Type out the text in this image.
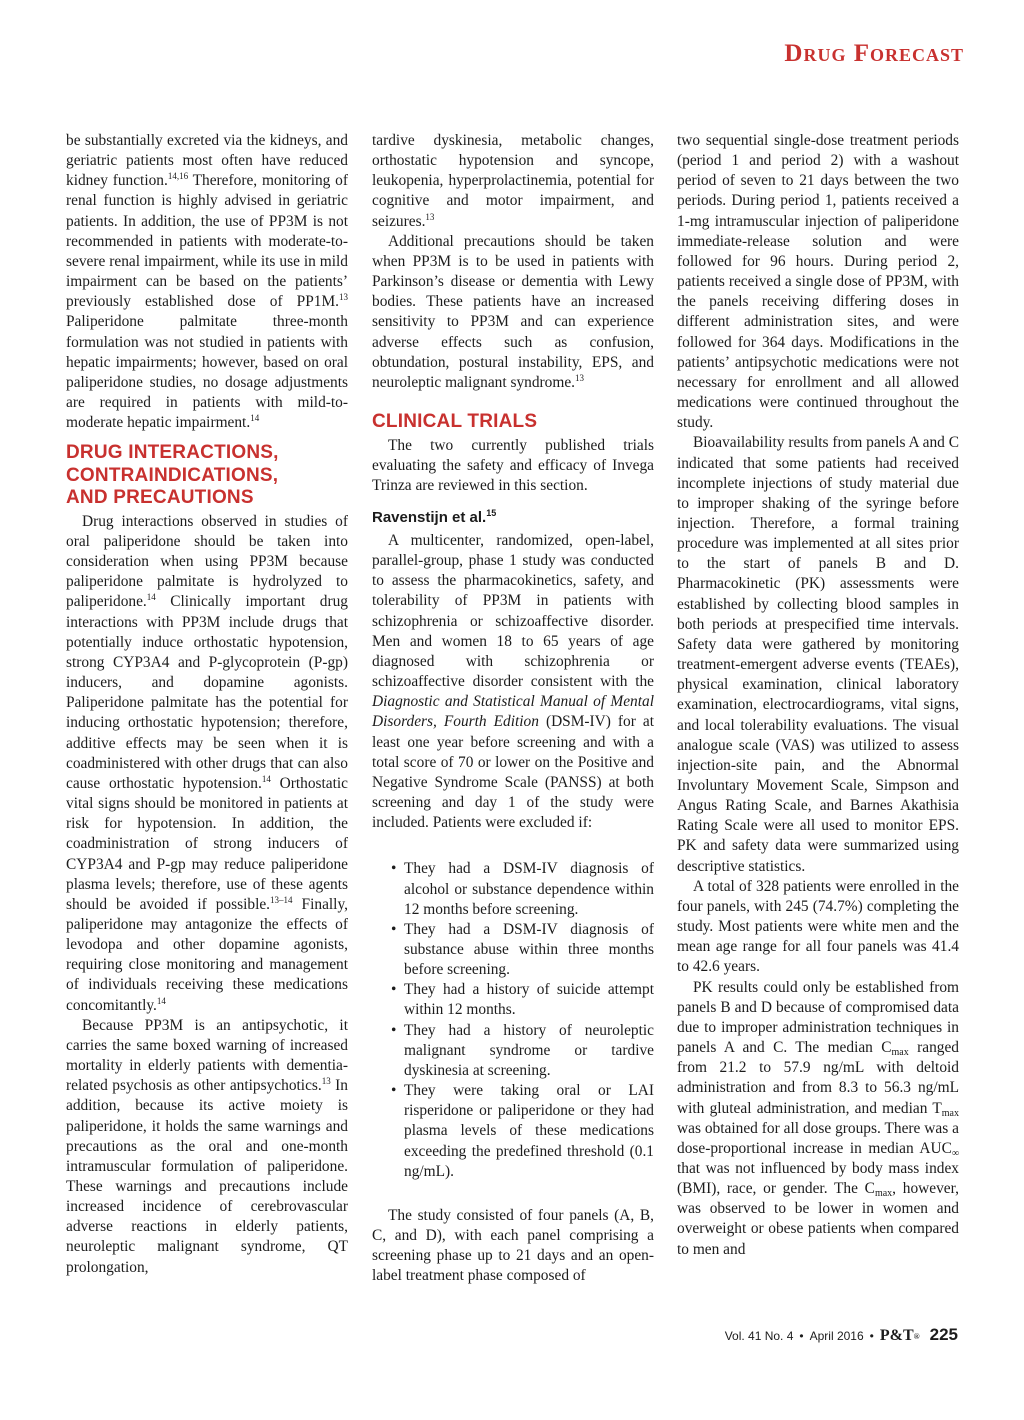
Drug Forecast

be substantially excreted via the kidneys, and geriatric patients most often have reduced kidney function.$^{14,16}$ Therefore, monitoring of renal function is highly advised in geriatric patients. In addition, the use of PP3M is not recommended in patients with moderate-to-severe renal impairment, while its use in mild impairment can be based on the patients’ previously established dose of PP1M.$^{13}$ Paliperidone palmitate three-month formulation was not studied in patients with hepatic impairments; however, based on oral paliperidone studies, no dosage adjustments are required in patients with mild-to-moderate hepatic impairment.$^{14}$

DRUG INTERACTIONS,
CONTRAINDICATIONS,
AND PRECAUTIONS

Drug interactions observed in studies of oral paliperidone should be taken into consideration when using PP3M because paliperidone palmitate is hydrolyzed to paliperidone.$^{14}$ Clinically important drug interactions with PP3M include drugs that potentially induce orthostatic hypotension, strong CYP3A4 and P-glycoprotein (P-gp) inducers, and dopamine agonists. Paliperidone palmitate has the potential for inducing orthostatic hypotension; therefore, additive effects may be seen when it is coadministered with other drugs that can also cause orthostatic hypotension.$^{14}$ Orthostatic vital signs should be monitored in patients at risk for hypotension. In addition, the coadministration of strong inducers of CYP3A4 and P-gp may reduce paliperidone plasma levels; therefore, use of these agents should be avoided if possible.$^{13-14}$ Finally, paliperidone may antagonize the effects of levodopa and other dopamine agonists, requiring close monitoring and management of individuals receiving these medications concomitantly.$^{14}$

Because PP3M is an antipsychotic, it carries the same boxed warning of increased mortality in elderly patients with dementia-related psychosis as other antipsychotics.$^{13}$ In addition, because its active moiety is paliperidone, it holds the same warnings and precautions as the oral and one-month intramuscular formulation of paliperidone. These warnings and precautions include increased incidence of cerebrovascular adverse reactions in elderly patients, neuroleptic malignant syndrome, QT prolongation,

tardive dyskinesia, metabolic changes, orthostatic hypotension and syncope, leukopenia, hyperprolactinemia, potential for cognitive and motor impairment, and seizures.$^{13}$

Additional precautions should be taken when PP3M is to be used in patients with Parkinson’s disease or dementia with Lewy bodies. These patients have an increased sensitivity to PP3M and can experience adverse effects such as confusion, obtundation, postural instability, EPS, and neuroleptic malignant syndrome.$^{13}$

CLINICAL TRIALS

The two currently published trials evaluating the safety and efficacy of Invega Trinza are reviewed in this section.

Ravenstijn et al.$^{15}$

A multicenter, randomized, open-label, parallel-group, phase 1 study was conducted to assess the pharmacokinetics, safety, and tolerability of PP3M in patients with schizophrenia or schizoaffective disorder. Men and women 18 to 65 years of age diagnosed with schizophrenia or schizoaffective disorder consistent with the Diagnostic and Statistical Manual of Mental Disorders, Fourth Edition (DSM-IV) for at least one year before screening and with a total score of 70 or lower on the Positive and Negative Syndrome Scale (PANSS) at both screening and day 1 of the study were included. Patients were excluded if:

• They had a DSM-IV diagnosis of alcohol or substance dependence within 12 months before screening.
• They had a DSM-IV diagnosis of substance abuse within three months before screening.
• They had a history of suicide attempt within 12 months.
• They had a history of neuroleptic malignant syndrome or tardive dyskinesia at screening.
• They were taking oral or LAI risperidone or paliperidone or they had plasma levels of these medications exceeding the predefined threshold (0.1 ng/mL).

The study consisted of four panels (A, B, C, and D), with each panel comprising a screening phase up to 21 days and an open-label treatment phase composed of

two sequential single-dose treatment periods (period 1 and period 2) with a washout period of seven to 21 days between the two periods. During period 1, patients received a 1-mg intramuscular injection of paliperidone immediate-release solution and were followed for 96 hours. During period 2, patients received a single dose of PP3M, with the panels receiving differing doses in different administration sites, and were followed for 364 days. Modifications in the patients’ antipsychotic medications were not necessary for enrollment and all allowed medications were continued throughout the study.

Bioavailability results from panels A and C indicated that some patients had received incomplete injections of study material due to improper shaking of the syringe before injection. Therefore, a formal training procedure was implemented at all sites prior to the start of panels B and D. Pharmacokinetic (PK) assessments were established by collecting blood samples in both periods at prespecified time intervals. Safety data were gathered by monitoring treatment-emergent adverse events (TEAEs), physical examination, clinical laboratory examination, electrocardiograms, vital signs, and local tolerability evaluations. The visual analogue scale (VAS) was utilized to assess injection-site pain, and the Abnormal Involuntary Movement Scale, Simpson and Angus Rating Scale, and Barnes Akathisia Rating Scale were all used to monitor EPS. PK and safety data were summarized using descriptive statistics.

A total of 328 patients were enrolled in the four panels, with 245 (74.7%) completing the study. Most patients were white men and the mean age range for all four panels was 41.4 to 42.6 years.

PK results could only be established from panels B and D because of compromised data due to improper administration techniques in panels A and C. The median $C_{max}$ ranged from 21.2 to 57.9 ng/mL with deltoid administration and from 8.3 to 56.3 ng/mL with gluteal administration, and median $T_{max}$ was obtained for all dose groups. There was a dose-proportional increase in median $AUC_\infty$ that was not influenced by body mass index (BMI), race, or gender. The $C_{max}$, however, was observed to be lower in women and overweight or obese patients when compared to men and

Vol. 41 No. 4 • April 2016 • P&T® 225
